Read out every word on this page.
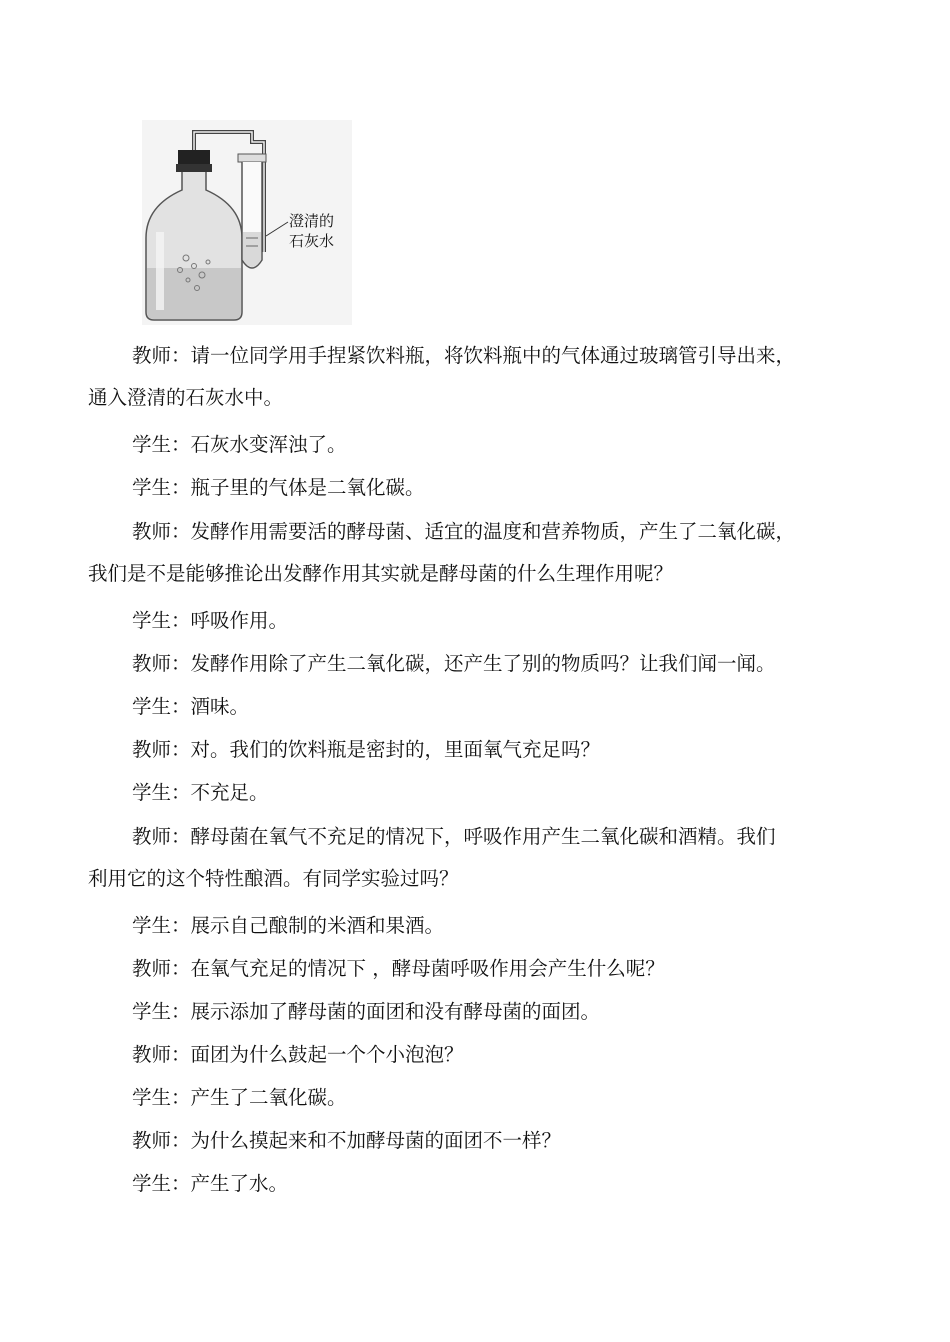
澄清的
石灰水

教师：请一位同学用手捏紧饮料瓶，将饮料瓶中的气体通过玻璃管引导出来，

通入澄清的石灰水中。

学生：石灰水变浑浊了。

学生：瓶子里的气体是二氧化碳。

教师：发酵作用需要活的酵母菌、适宜的温度和营养物质，产生了二氧化碳，

我们是不是能够推论出发酵作用其实就是酵母菌的什么生理作用呢？

学生：呼吸作用。

教师：发酵作用除了产生二氧化碳，还产生了别的物质吗？让我们闻一闻。

学生：酒味。

教师：对。我们的饮料瓶是密封的，里面氧气充足吗？

学生：不充足。

教师：酵母菌在氧气不充足的情况下，呼吸作用产生二氧化碳和酒精。我们

利用它的这个特性酿酒。有同学实验过吗？

学生：展示自己酿制的米酒和果酒。

教师：在氧气充足的情况下 ，酵母菌呼吸作用会产生什么呢？

学生：展示添加了酵母菌的面团和没有酵母菌的面团。

教师：面团为什么鼓起一个个小泡泡？

学生：产生了二氧化碳。

教师：为什么摸起来和不加酵母菌的面团不一样？

学生：产生了水。
